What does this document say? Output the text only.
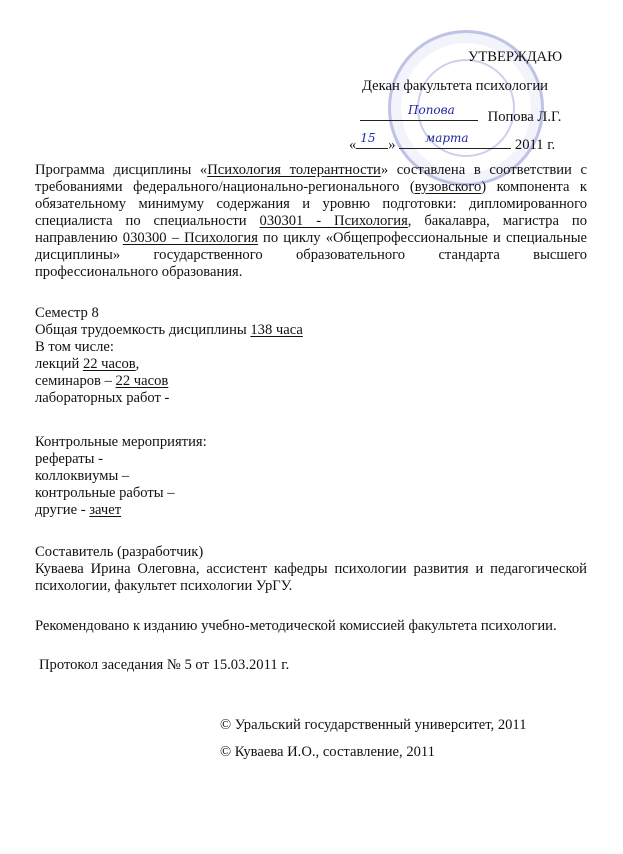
УТВЕРЖДАЮ
Декан факультета психологии
Попова Попова Л.Г.
« 15 » марта	2011 г.
Программа дисциплины «Психология толерантности» составлена в соответствии с требованиями федерального/национально-регионального (вузовского) компонента к обязательному минимуму содержания и уровню подготовки: дипломированного специалиста по специальности 030301 - Психология, бакалавра, магистра по направлению 030300 – Психология по циклу «Общепрофессиональные и специальные дисциплины» государственного образовательного стандарта высшего профессионального образования.
Семестр 8
Общая трудоемкость дисциплины 138 часа
В том числе:
лекций 22 часов,
семинаров – 22 часов
лабораторных работ -
Контрольные мероприятия:
рефераты -
коллоквиумы –
контрольные работы –
другие - зачет
Составитель (разработчик)
Куваева Ирина Олеговна, ассистент кафедры психологии развития и педагогической психологии, факультет психологии УрГУ.
Рекомендовано к изданию учебно-методической комиссией факультета психологии.
Протокол заседания № 5 от 15.03.2011 г.
© Уральский государственный университет, 2011
© Куваева И.О., составление, 2011
